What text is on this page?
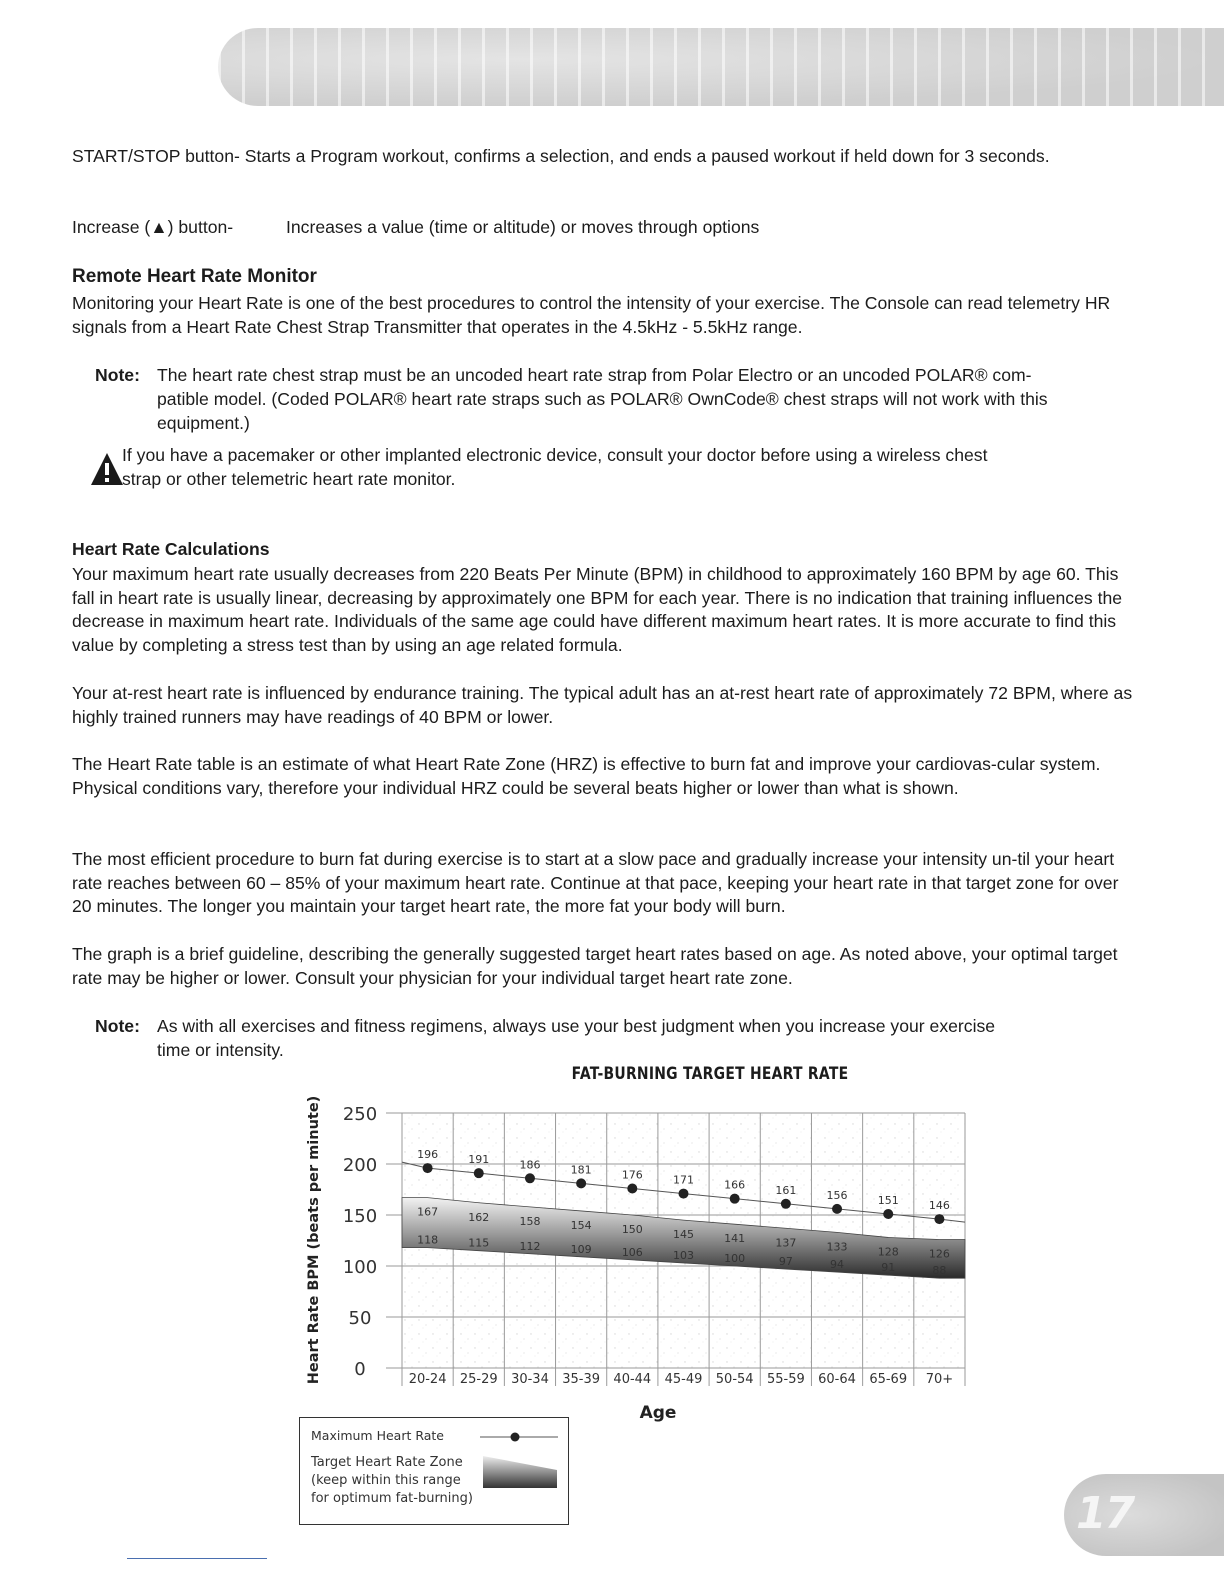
START/STOP button- Starts a Program workout, confirms a selection, and ends a paused workout if held down for 3 seconds.
Increase (▲) button-	Increases a value (time or altitude) or moves through options
Remote Heart Rate Monitor
Monitoring your Heart Rate is one of the best procedures to control the intensity of your exercise. The Console can read telemetry HR signals from a Heart Rate Chest Strap Transmitter that operates in the 4.5kHz - 5.5kHz range.
Note: The heart rate chest strap must be an uncoded heart rate strap from Polar Electro or an uncoded POLAR® com-
patible model. (Coded POLAR® heart rate straps such as POLAR® OwnCode® chest straps will not work with this
equipment.)
If you have a pacemaker or other implanted electronic device, consult your doctor before using a wireless chest
strap or other telemetric heart rate monitor.
Heart Rate Calculations
Your maximum heart rate usually decreases from 220 Beats Per Minute (BPM) in childhood to approximately 160 BPM by age 60. This fall in heart rate is usually linear, decreasing by approximately one BPM for each year. There is no indication that training influences the decrease in maximum heart rate. Individuals of the same age could have different maximum heart rates. It is more accurate to find this value by completing a stress test than by using an age related formula.
Your at-rest heart rate is influenced by endurance training. The typical adult has an at-rest heart rate of approximately 72 BPM, where as highly trained runners may have readings of 40 BPM or lower.
The Heart Rate table is an estimate of what Heart Rate Zone (HRZ) is effective to burn fat and improve your cardiovas-cular system. Physical conditions vary, therefore your individual HRZ could be several beats higher or lower than what is shown.
The most efficient procedure to burn fat during exercise is to start at a slow pace and gradually increase your intensity un-til your heart rate reaches between 60 – 85% of your maximum heart rate. Continue at that pace, keeping your heart rate in that target zone for over 20 minutes. The longer you maintain your target heart rate, the more fat your body will burn.
The graph is a brief guideline, describing the generally suggested target heart rates based on age. As noted above, your optimal target rate may be higher or lower. Consult your physician for your individual target heart rate zone.
Note: As with all exercises and fitness regimens, always use your best judgment when you increase your exercise
time or intensity.
FAT-BURNING TARGET HEART RATE
196	191	186	181	176	171	166	161	156	151	146
167	162	158	154	150	145	141	137	133	128	126
118	115	112	109	106	103	100	97	94	91	88
0
50
100
150
200
250
20-24 25-29 30-34 35-39 40-44 45-49 50-54 55-59 60-64 65-69 70+
Heart Rate BPM (beats per minute)
Age
Maximum Heart Rate
Target Heart Rate Zone
(keep within this range
for optimum fat-burning)	17
